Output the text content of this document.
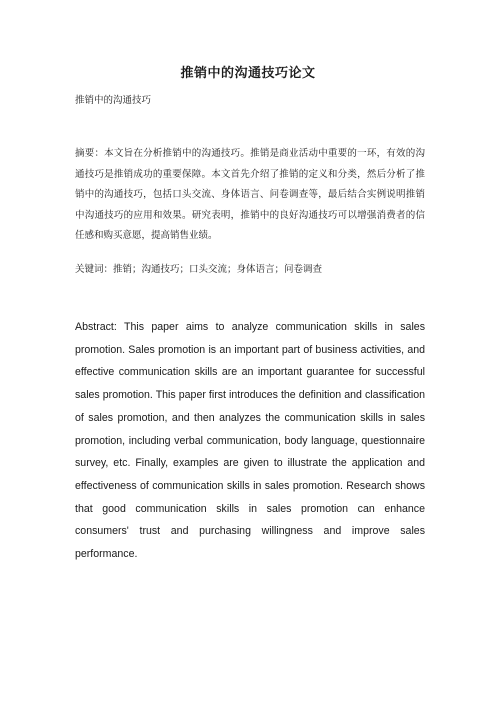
推销中的沟通技巧论文
推销中的沟通技巧

摘要：本文旨在分析推销中的沟通技巧。推销是商业活动中重要的一环，有效的沟通技巧是推销成功的重要保障。本文首先介绍了推销的定义和分类，然后分析了推销中的沟通技巧，包括口头交流、身体语言、问卷调查等，最后结合实例说明推销中沟通技巧的应用和效果。研究表明，推销中的良好沟通技巧可以增强消费者的信任感和购买意愿，提高销售业绩。

关键词：推销；沟通技巧；口头交流；身体语言；问卷调查

Abstract: This paper aims to analyze communication skills in sales promotion. Sales promotion is an important part of business activities, and effective communication skills are an important guarantee for successful sales promotion. This paper first introduces the definition and classification of sales promotion, and then analyzes the communication skills in sales promotion, including verbal communication, body language, questionnaire survey, etc. Finally, examples are given to illustrate the application and effectiveness of communication skills in sales promotion. Research shows that good communication skills in sales promotion can enhance consumers' trust and purchasing willingness and improve sales performance.
